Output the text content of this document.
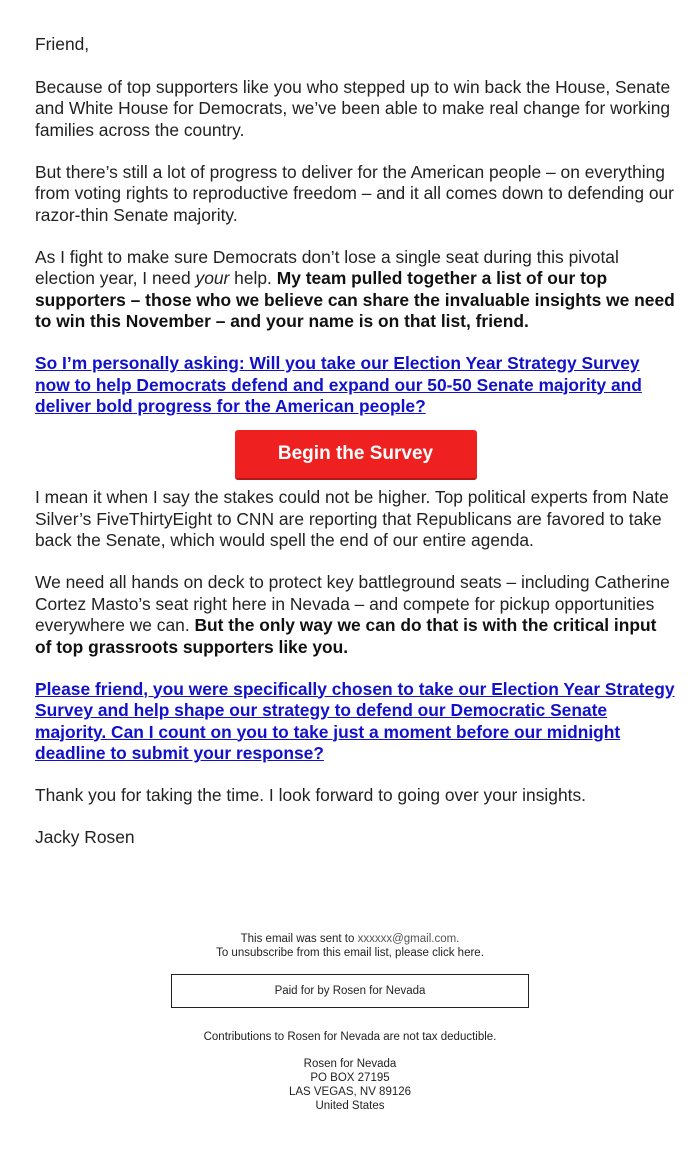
Friend,

Because of top supporters like you who stepped up to win back the House, Senate and White House for Democrats, we’ve been able to make real change for working families across the country.

But there’s still a lot of progress to deliver for the American people – on everything from voting rights to reproductive freedom – and it all comes down to defending our razor-thin Senate majority.

As I fight to make sure Democrats don’t lose a single seat during this pivotal election year, I need your help. My team pulled together a list of our top supporters – those who we believe can share the invaluable insights we need to win this November – and your name is on that list, friend.

So I’m personally asking: Will you take our Election Year Strategy Survey now to help Democrats defend and expand our 50-50 Senate majority and deliver bold progress for the American people?

Begin the Survey

I mean it when I say the stakes could not be higher. Top political experts from Nate Silver’s FiveThirtyEight to CNN are reporting that Republicans are favored to take back the Senate, which would spell the end of our entire agenda.

We need all hands on deck to protect key battleground seats – including Catherine Cortez Masto’s seat right here in Nevada – and compete for pickup opportunities everywhere we can. But the only way we can do that is with the critical input of top grassroots supporters like you.

Please friend, you were specifically chosen to take our Election Year Strategy Survey and help shape our strategy to defend our Democratic Senate majority. Can I count on you to take just a moment before our midnight deadline to submit your response?

Thank you for taking the time. I look forward to going over your insights.

Jacky Rosen

This email was sent to xxxxxx@gmail.com.

To unsubscribe from this email list, please click here.

Paid for by Rosen for Nevada

Contributions to Rosen for Nevada are not tax deductible.

Rosen for Nevada

PO BOX 27195

LAS VEGAS, NV 89126

United States
